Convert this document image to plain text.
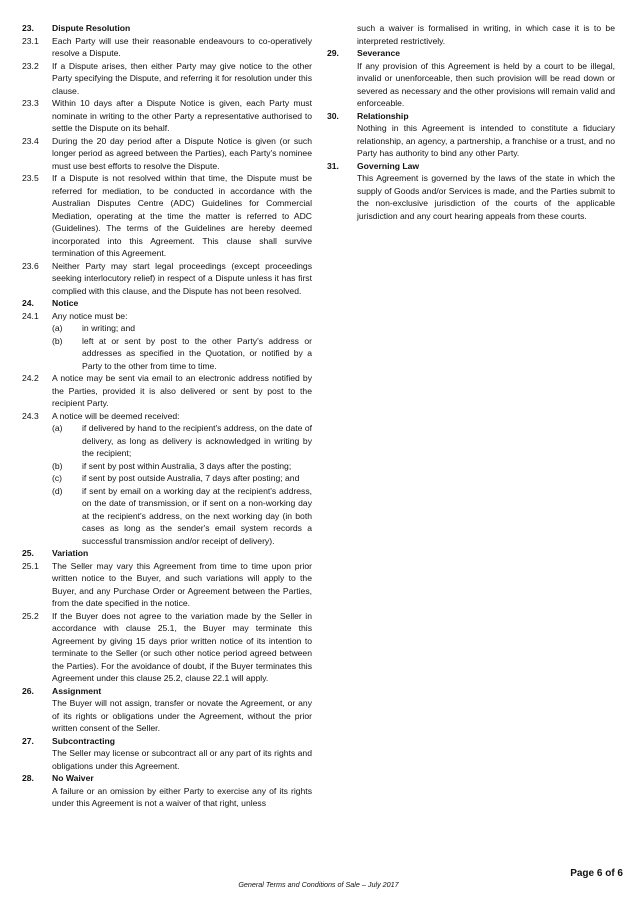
23.	Dispute Resolution
23.1	Each Party will use their reasonable endeavours to co-operatively resolve a Dispute.
23.2	If a Dispute arises, then either Party may give notice to the other Party specifying the Dispute, and referring it for resolution under this clause.
23.3	Within 10 days after a Dispute Notice is given, each Party must nominate in writing to the other Party a representative authorised to settle the Dispute on its behalf.
23.4	During the 20 day period after a Dispute Notice is given (or such longer period as agreed between the Parties), each Party's nominee must use best efforts to resolve the Dispute.
23.5	If a Dispute is not resolved within that time, the Dispute must be referred for mediation, to be conducted in accordance with the Australian Disputes Centre (ADC) Guidelines for Commercial Mediation, operating at the time the matter is referred to ADC (Guidelines). The terms of the Guidelines are hereby deemed incorporated into this Agreement. This clause shall survive termination of this Agreement.
23.6	Neither Party may start legal proceedings (except proceedings seeking interlocutory relief) in respect of a Dispute unless it has first complied with this clause, and the Dispute has not been resolved.
24.	Notice
24.1	Any notice must be:
(a)	in writing; and
(b)	left at or sent by post to the other Party's address or addresses as specified in the Quotation, or notified by a Party to the other from time to time.
24.2	A notice may be sent via email to an electronic address notified by the Parties, provided it is also delivered or sent by post to the recipient Party.
24.3	A notice will be deemed received:
(a)	if delivered by hand to the recipient's address, on the date of delivery, as long as delivery is acknowledged in writing by the recipient;
(b)	if sent by post within Australia, 3 days after the posting;
(c)	if sent by post outside Australia, 7 days after posting; and
(d)	if sent by email on a working day at the recipient's address, on the date of transmission, or if sent on a non-working day at the recipient's address, on the next working day (in both cases as long as the sender's email system records a successful transmission and/or receipt of delivery).
25.	Variation
25.1	The Seller may vary this Agreement from time to time upon prior written notice to the Buyer, and such variations will apply to the Buyer, and any Purchase Order or Agreement between the Parties, from the date specified in the notice.
25.2	If the Buyer does not agree to the variation made by the Seller in accordance with clause 25.1, the Buyer may terminate this Agreement by giving 15 days prior written notice of its intention to terminate to the Seller (or such other notice period agreed between the Parties). For the avoidance of doubt, if the Buyer terminates this Agreement under this clause 25.2, clause 22.1 will apply.
26.	Assignment
The Buyer will not assign, transfer or novate the Agreement, or any of its rights or obligations under the Agreement, without the prior written consent of the Seller.
27.	Subcontracting
The Seller may license or subcontract all or any part of its rights and obligations under this Agreement.
28.	No Waiver
A failure or an omission by either Party to exercise any of its rights under this Agreement is not a waiver of that right, unless
such a waiver is formalised in writing, in which case it is to be interpreted restrictively.
29.	Severance
If any provision of this Agreement is held by a court to be illegal, invalid or unenforceable, then such provision will be read down or severed as necessary and the other provisions will remain valid and enforceable.
30.	Relationship
Nothing in this Agreement is intended to constitute a fiduciary relationship, an agency, a partnership, a franchise or a trust, and no Party has authority to bind any other Party.
31.	Governing Law
This Agreement is governed by the laws of the state in which the supply of Goods and/or Services is made, and the Parties submit to the non-exclusive jurisdiction of the courts of the applicable jurisdiction and any court hearing appeals from these courts.
Page 6 of 6
General Terms and Conditions of Sale – July 2017
